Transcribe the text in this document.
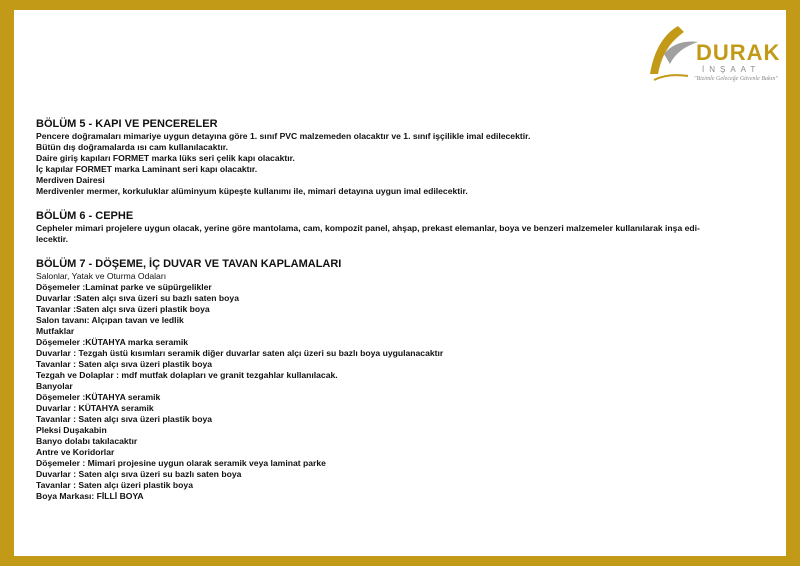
DURAK
İNŞAAT
"Bizimle Geleceğe Güvenle Bakın"
BÖLÜM 5 - KAPI VE PENCERELER
Pencere doğramaları mimariye uygun detayına göre 1. sınıf PVC malzemeden olacaktır ve 1. sınıf işçilikle imal edilecektir.
Bütün dış doğramalarda ısı cam kullanılacaktır.
Daire giriş kapıları FORMET marka lüks seri çelik kapı olacaktır.
İç kapılar FORMET marka Laminant seri kapı olacaktır.
Merdiven Dairesi
Merdivenler mermer, korkuluklar alüminyum küpeşte kullanımı ile, mimari detayına uygun imal edilecektir.
BÖLÜM 6 - CEPHE
Cepheler mimari projelere uygun olacak, yerine göre mantolama, cam, kompozit panel, ahşap, prekast elemanlar, boya ve benzeri malzemeler kullanılarak inşa edi-
lecektir.
BÖLÜM 7 - DÖŞEME, İÇ DUVAR VE TAVAN KAPLAMALARI
Salonlar, Yatak ve Oturma Odaları
Döşemeler :Laminat parke ve süpürgelikler
Duvarlar :Saten alçı sıva üzeri su bazlı saten boya
Tavanlar :Saten alçı sıva üzeri plastik boya
Salon tavanı: Alçıpan tavan ve ledlik
Mutfaklar
Döşemeler :KÜTAHYA marka seramik
Duvarlar : Tezgah üstü kısımları seramik diğer duvarlar saten alçı üzeri su bazlı boya uygulanacaktır
Tavanlar : Saten alçı sıva üzeri plastik boya
Tezgah ve Dolaplar : mdf mutfak dolapları ve granit tezgahlar kullanılacak.
Banyolar
Döşemeler :KÜTAHYA seramik
Duvarlar : KÜTAHYA seramik
Tavanlar : Saten alçı sıva üzeri plastik boya
Pleksi Duşakabin
Banyo dolabı takılacaktır
Antre ve Koridorlar
Döşemeler : Mimari projesine uygun olarak seramik veya laminat parke
Duvarlar : Saten alçı sıva üzeri su bazlı saten boya
Tavanlar : Saten alçı üzeri plastik boya
Boya Markası: FİLLİ BOYA
